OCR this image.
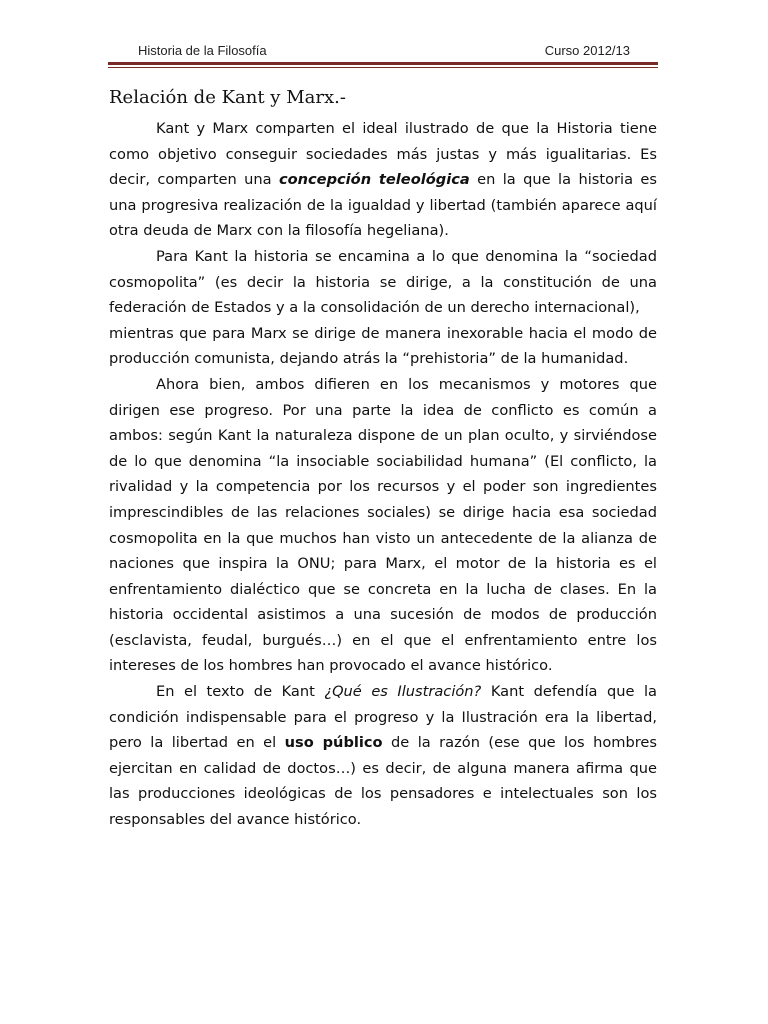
Historia de la Filosofía	Curso 2012/13
Relación de Kant y Marx.-

Kant y Marx comparten el ideal ilustrado de que la Historia tiene como objetivo conseguir sociedades más justas y más igualitarias. Es decir, comparten una concepción teleológica en la que la historia es una progresiva realización de la igualdad y libertad (también aparece aquí otra deuda de Marx con la filosofía hegeliana).

Para Kant la historia se encamina a lo que denomina la “sociedad cosmopolita” (es decir la historia se dirige, a la constitución de una federación de Estados y a la consolidación de un derecho internacional),

mientras que para Marx se dirige de manera inexorable hacia el modo de producción comunista, dejando atrás la “prehistoria” de la humanidad.

Ahora bien, ambos difieren en los mecanismos y motores que dirigen ese progreso. Por una parte la idea de conflicto es común a ambos: según Kant la naturaleza dispone de un plan oculto, y sirviéndose de lo que denomina “la insociable sociabilidad humana” (El conflicto, la rivalidad y la competencia por los recursos y el poder son ingredientes imprescindibles de las relaciones sociales) se dirige hacia esa sociedad cosmopolita en la que muchos han visto un antecedente de la alianza de naciones que inspira la ONU; para Marx, el motor de la historia es el enfrentamiento dialéctico que se concreta en la lucha de clases. En la historia occidental asistimos a una sucesión de modos de producción (esclavista, feudal, burgués…) en el que el enfrentamiento entre los intereses de los hombres han provocado el avance histórico.

En el texto de Kant ¿Qué es Ilustración? Kant defendía que la condición indispensable para el progreso y la Ilustración era la libertad, pero la libertad en el uso público de la razón (ese que los hombres ejercitan en calidad de doctos…) es decir, de alguna manera afirma que las producciones ideológicas de los pensadores e intelectuales son los responsables del avance histórico.
